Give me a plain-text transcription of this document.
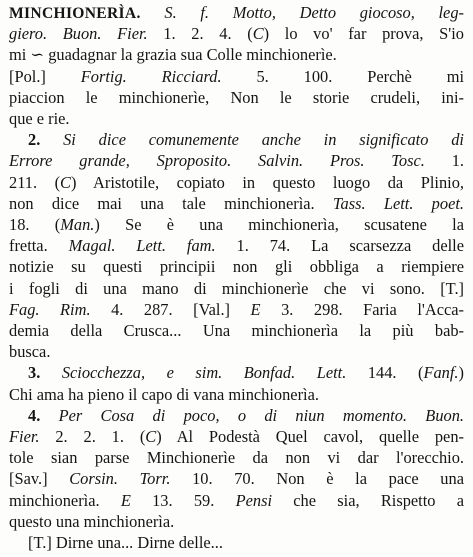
MINCHIONERÌA. S. f. Motto, Detto giocoso, leg-
giero. Buon. Fier. 1. 2. 4. (C) lo vo' far prova, S'io
mi ∽ guadagnar la grazia sua Colle minchionerìe.
[Pol.] Fortig. Ricciard. 5. 100. Perchè mi
piaccion le minchionerìe, Non le storie crudeli, ini-
que e rie.
2. Si dice comunemente anche in significato di
Errore grande, Sproposito. Salvin. Pros. Tosc. 1.
211. (C) Aristotile, copiato in questo luogo da Plinio,
non dice mai una tale minchionerìa. Tass. Lett. poet.
18. (Man.) Se è una minchionerìa, scusatene la
fretta. Magal. Lett. fam. 1. 74. La scarsezza delle
notizie su questi principii non gli obbliga a riempiere
i fogli di una mano di minchionerìe che vi sono. [T.]
Fag. Rim. 4. 287. [Val.] E 3. 298. Faria l'Acca-
demia della Crusca... Una minchionerìa la più bab-
busca.
3. Sciocchezza, e sim. Bonfad. Lett. 144. (Fanf.)
Chi ama ha pieno il capo di vana minchionerìa.
4. Per Cosa di poco, o di niun momento. Buon.
Fier. 2. 2. 1. (C) Al Podestà Quel cavol, quelle pen-
tole sian parse Minchionerìe da non vi dar l'orecchio.
[Sav.] Corsin. Torr. 10. 70. Non è la pace una
minchionerìa. E 13. 59. Pensi che sia, Rispetto a
questo una minchionerìa.
[T.] Dirne una... Dirne delle...
